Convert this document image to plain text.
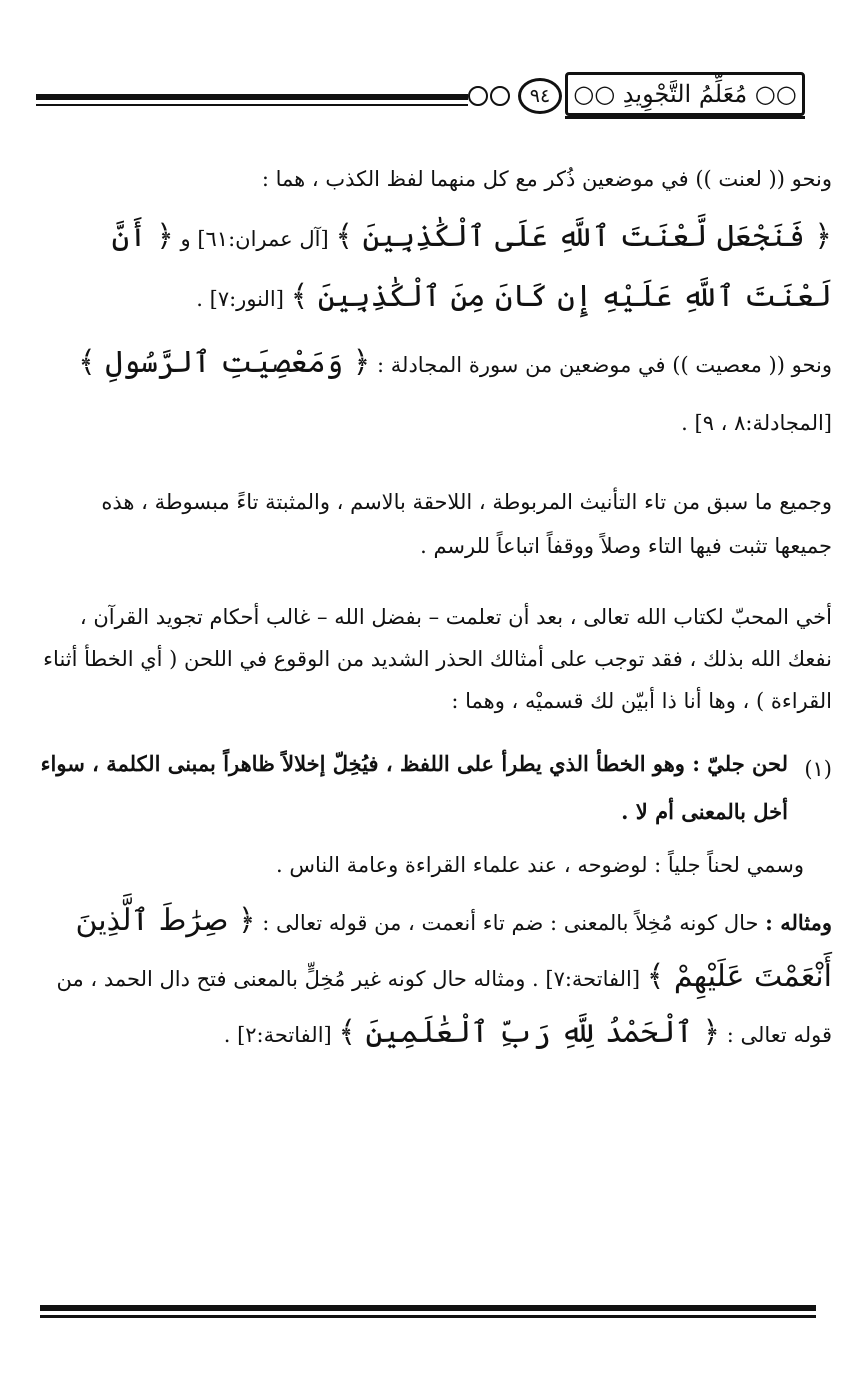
٩٤ ○○ مُعَلِّمُ التَّجْوِيدِ ○○

ونحو (( لعنت )) في موضعين ذُكر مع كل منهما لفظ الكذب ، هما :
﴿ فَنَجْعَل لَّعْنَتَ ٱللَّهِ عَلَى ٱلْكَٰذِبِينَ ﴾ [آل عمران:٦١] و ﴿ أَنَّ لَعْنَتَ ٱللَّهِ عَلَيْهِ إِن كَانَ مِنَ ٱلْكَٰذِبِينَ ﴾ [النور:٧] .

ونحو (( معصيت )) في موضعين من سورة المجادلة : ﴿ وَمَعْصِيَتِ ٱلرَّسُولِ ﴾
[المجادلة:٨ ، ٩] .

وجميع ما سبق من تاء التأنيث المربوطة ، اللاحقة بالاسم ، والمثبتة تاءً مبسوطة ، هذه جميعها تثبت فيها التاء وصلاً ووقفاً اتباعاً للرسم .

أخي المحبّ لكتاب الله تعالى ، بعد أن تعلمت – بفضل الله – غالب أحكام تجويد القرآن ، نفعك الله بذلك ، فقد توجب على أمثالك الحذر الشديد من الوقوع في اللحن ( أي الخطأ أثناء القراءة ) ، وها أنا ذا أبيّن لك قسميْه ، وهما :

(١)
لحن جليّ : وهو الخطأ الذي يطرأ على اللفظ ، فيُخِلّ إخلالاً ظاهراً بمبنى الكلمة ، سواء أخل بالمعنى أم لا .

وسمي لحناً جلياً : لوضوحه ، عند علماء القراءة وعامة الناس .

ومثاله : حال كونه مُخِلاً بالمعنى : ضم تاء أنعمت ، من قوله تعالى : ﴿ صِرَٰطَ ٱلَّذِينَ أَنْعَمْتَ عَلَيْهِمْ ﴾ [الفاتحة:٧] . ومثاله حال كونه غير مُخِلٍّ بالمعنى فتح دال الحمد ، من قوله تعالى : ﴿ ٱلْحَمْدُ لِلَّهِ رَبِّ ٱلْعَٰلَمِينَ ﴾ [الفاتحة:٢] .
